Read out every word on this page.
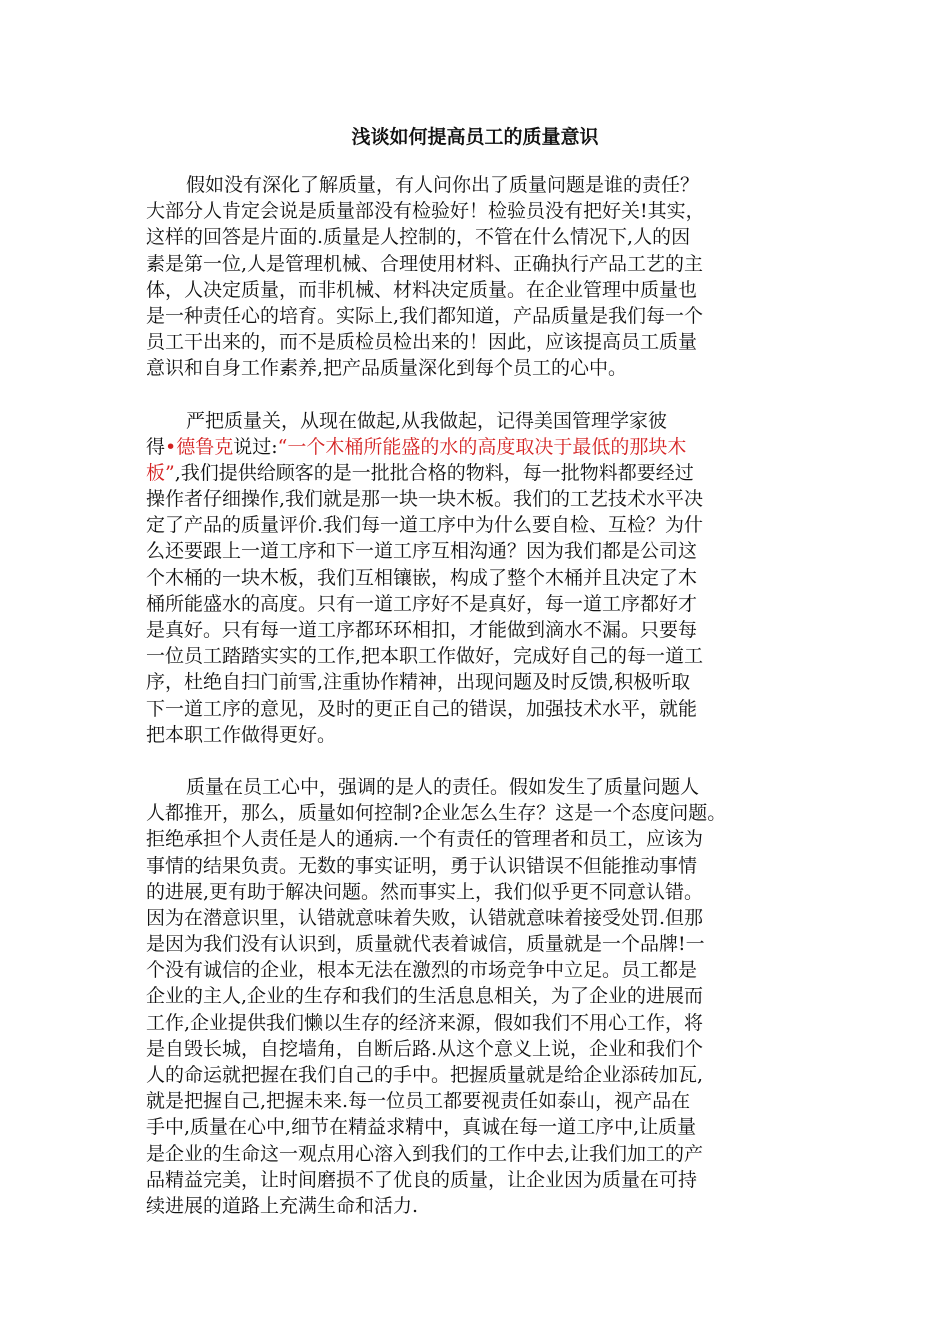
浅谈如何提高员工的质量意识
假如没有深化了解质量，有人问你出了质量问题是谁的责任？
大部分人肯定会说是质量部没有检验好！检验员没有把好关!其实，
这样的回答是片面的.质量是人控制的，不管在什么情况下,人的因
素是第一位,人是管理机械、合理使用材料、正确执行产品工艺的主
体，人决定质量，而非机械、材料决定质量。在企业管理中质量也
是一种责任心的培育。实际上,我们都知道，产品质量是我们每一个
员工干出来的，而不是质检员检出来的！因此，应该提高员工质量
意识和自身工作素养,把产品质量深化到每个员工的心中。
严把质量关，从现在做起,从我做起，记得美国管理学家彼
得•德鲁克说过:“一个木桶所能盛的水的高度取决于最低的那块木
板”,我们提供给顾客的是一批批合格的物料，每一批物料都要经过
操作者仔细操作,我们就是那一块一块木板。我们的工艺技术水平决
定了产品的质量评价.我们每一道工序中为什么要自检、互检？为什
么还要跟上一道工序和下一道工序互相沟通？因为我们都是公司这
个木桶的一块木板，我们互相镶嵌，构成了整个木桶并且决定了木
桶所能盛水的高度。只有一道工序好不是真好，每一道工序都好才
是真好。只有每一道工序都环环相扣，才能做到滴水不漏。只要每
一位员工踏踏实实的工作,把本职工作做好，完成好自己的每一道工
序，杜绝自扫门前雪,注重协作精神，出现问题及时反馈,积极听取
下一道工序的意见，及时的更正自己的错误，加强技术水平，就能
把本职工作做得更好。
质量在员工心中，强调的是人的责任。假如发生了质量问题人
人都推开，那么，质量如何控制?企业怎么生存？这是一个态度问题。
拒绝承担个人责任是人的通病.一个有责任的管理者和员工，应该为
事情的结果负责。无数的事实证明，勇于认识错误不但能推动事情
的进展,更有助于解决问题。然而事实上，我们似乎更不同意认错。
因为在潜意识里，认错就意味着失败，认错就意味着接受处罚.但那
是因为我们没有认识到，质量就代表着诚信，质量就是一个品牌!一
个没有诚信的企业，根本无法在激烈的市场竞争中立足。员工都是
企业的主人,企业的生存和我们的生活息息相关，为了企业的进展而
工作,企业提供我们懒以生存的经济来源，假如我们不用心工作，将
是自毁长城，自挖墙角，自断后路.从这个意义上说，企业和我们个
人的命运就把握在我们自己的手中。把握质量就是给企业添砖加瓦,
就是把握自己,把握未来.每一位员工都要视责任如泰山，视产品在
手中,质量在心中,细节在精益求精中，真诚在每一道工序中,让质量
是企业的生命这一观点用心溶入到我们的工作中去,让我们加工的产
品精益完美，让时间磨损不了优良的质量，让企业因为质量在可持
续进展的道路上充满生命和活力.
